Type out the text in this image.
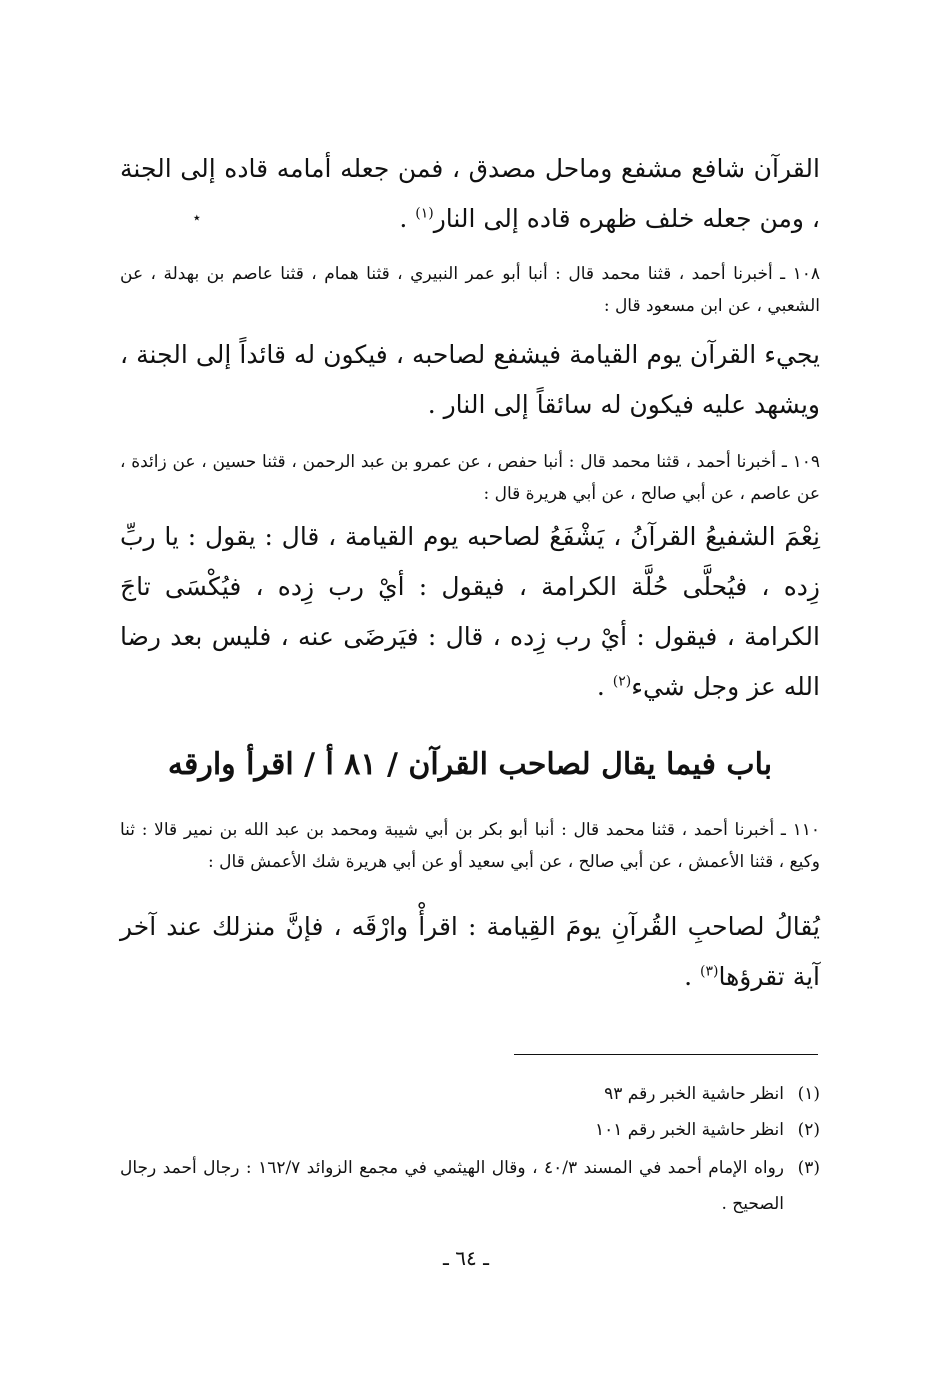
٭
القرآن شافع مشفع وماحل مصدق ، فمن جعله أمامه قاده إلى الجنة ، ومن جعله خلف ظهره قاده إلى النار$^{(١)}$ .
١٠٨ ـ أخبرنا أحمد ، قثنا محمد قال : أنبا أبو عمر النبيري ، قثنا همام ، قثنا عاصم بن بهدلة ، عن الشعبي ، عن ابن مسعود قال :
يجيء القرآن يوم القيامة فيشفع لصاحبه ، فيكون له قائداً إلى الجنة ، ويشهد عليه فيكون له سائقاً إلى النار .
١٠٩ ـ أخبرنا أحمد ، قثنا محمد قال : أنبا حفص ، عن عمرو بن عبد الرحمن ، قثنا حسين ، عن زائدة ، عن عاصم ، عن أبي صالح ، عن أبي هريرة قال :
نِعْمَ الشفيعُ القرآنُ ، يَشْفَعُ لصاحبه يوم القيامة ، قال : يقول : يا ربِّ زِده ، فيُحلَّى حُلَّة الكرامة ، فيقول : أيْ رب زِده ، فيُكْسَى تاجَ الكرامة ، فيقول : أيْ رب زِده ، قال : فيَرضَى عنه ، فليس بعد رضا الله عز وجل شيء$^{(٢)}$ .
باب فيما يقال لصاحب القرآن / ٨١ أ / اقرأ وارقه
١١٠ ـ أخبرنا أحمد ، قثنا محمد قال : أنبا أبو بكر بن أبي شيبة ومحمد بن عبد الله بن نمير قالا : ثنا وكيع ، قثنا الأعمش ، عن أبي صالح ، عن أبي سعيد أو عن أبي هريرة شك الأعمش قال :
يُقالُ لصاحبِ القُرآنِ يومَ القِيامة : اقرأْ وارْقَه ، فإنَّ منزلك عند آخر آية تقرؤها$^{(٣)}$ .
(١)
انظر حاشية الخبر رقم ٩٣
(٢)
انظر حاشية الخبر رقم ١٠١
(٣)
رواه الإمام أحمد في المسند ٤٠/٣ ، وقال الهيثمي في مجمع الزوائد ١٦٢/٧ : رجال أحمد رجال الصحيح .
ـ ٦٤ ـ
